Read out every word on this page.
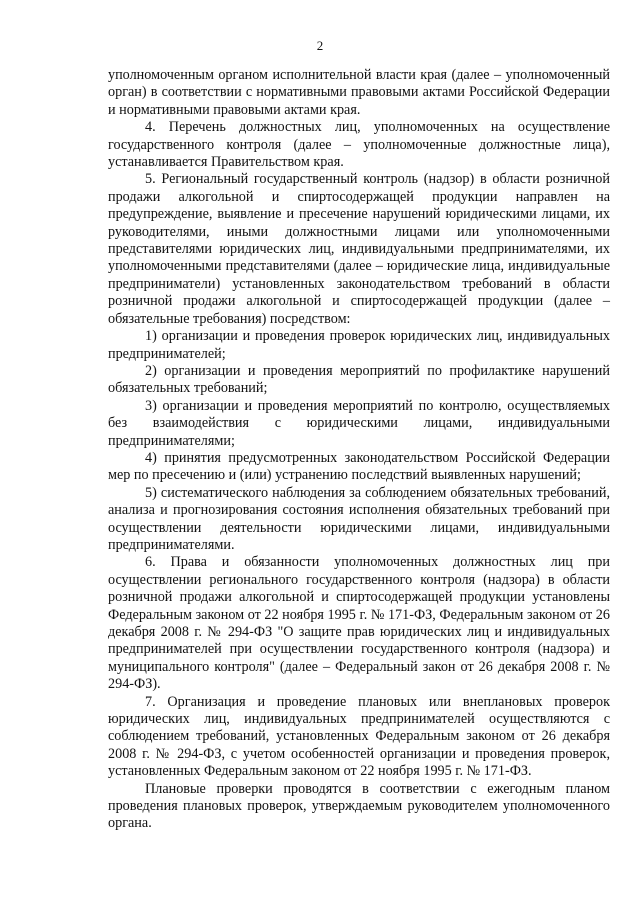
2

уполномоченным органом исполнительной власти края (далее – уполномоченный орган) в соответствии с нормативными правовыми актами Российской Федерации и нормативными правовыми актами края.

4. Перечень должностных лиц, уполномоченных на осуществление государственного контроля (далее – уполномоченные должностные лица), устанавливается Правительством края.

5. Региональный государственный контроль (надзор) в области розничной продажи алкогольной и спиртосодержащей продукции направлен на предупреждение, выявление и пресечение нарушений юридическими лицами, их руководителями, иными должностными лицами или уполномоченными представителями юридических лиц, индивидуальными предпринимателями, их уполномоченными представителями (далее – юридические лица, индивидуальные предприниматели) установленных законодательством требований в области розничной продажи алкогольной и спиртосодержащей продукции (далее – обязательные требования) посредством:

1) организации и проведения проверок юридических лиц, индивидуальных предпринимателей;

2) организации и проведения мероприятий по профилактике нарушений обязательных требований;

3) организации и проведения мероприятий по контролю, осуществляемых без взаимодействия с юридическими лицами, индивидуальными предпринимателями;

4) принятия предусмотренных законодательством Российской Федерации мер по пресечению и (или) устранению последствий выявленных нарушений;

5) систематического наблюдения за соблюдением обязательных требований, анализа и прогнозирования состояния исполнения обязательных требований при осуществлении деятельности юридическими лицами, индивидуальными предпринимателями.

6. Права и обязанности уполномоченных должностных лиц при осуществлении регионального государственного контроля (надзора) в области розничной продажи алкогольной и спиртосодержащей продукции установлены Федеральным законом от 22 ноября 1995 г. № 171-ФЗ, Федеральным законом от 26 декабря 2008 г. № 294-ФЗ "О защите прав юридических лиц и индивидуальных предпринимателей при осуществлении государственного контроля (надзора) и муниципального контроля" (далее – Федеральный закон от 26 декабря 2008 г. № 294-ФЗ).

7. Организация и проведение плановых или внеплановых проверок юридических лиц, индивидуальных предпринимателей осуществляются с соблюдением требований, установленных Федеральным законом от 26 декабря 2008 г. № 294-ФЗ, с учетом особенностей организации и проведения проверок, установленных Федеральным законом от 22 ноября 1995 г. № 171-ФЗ.

Плановые проверки проводятся в соответствии с ежегодным планом проведения плановых проверок, утверждаемым руководителем уполномоченного органа.
